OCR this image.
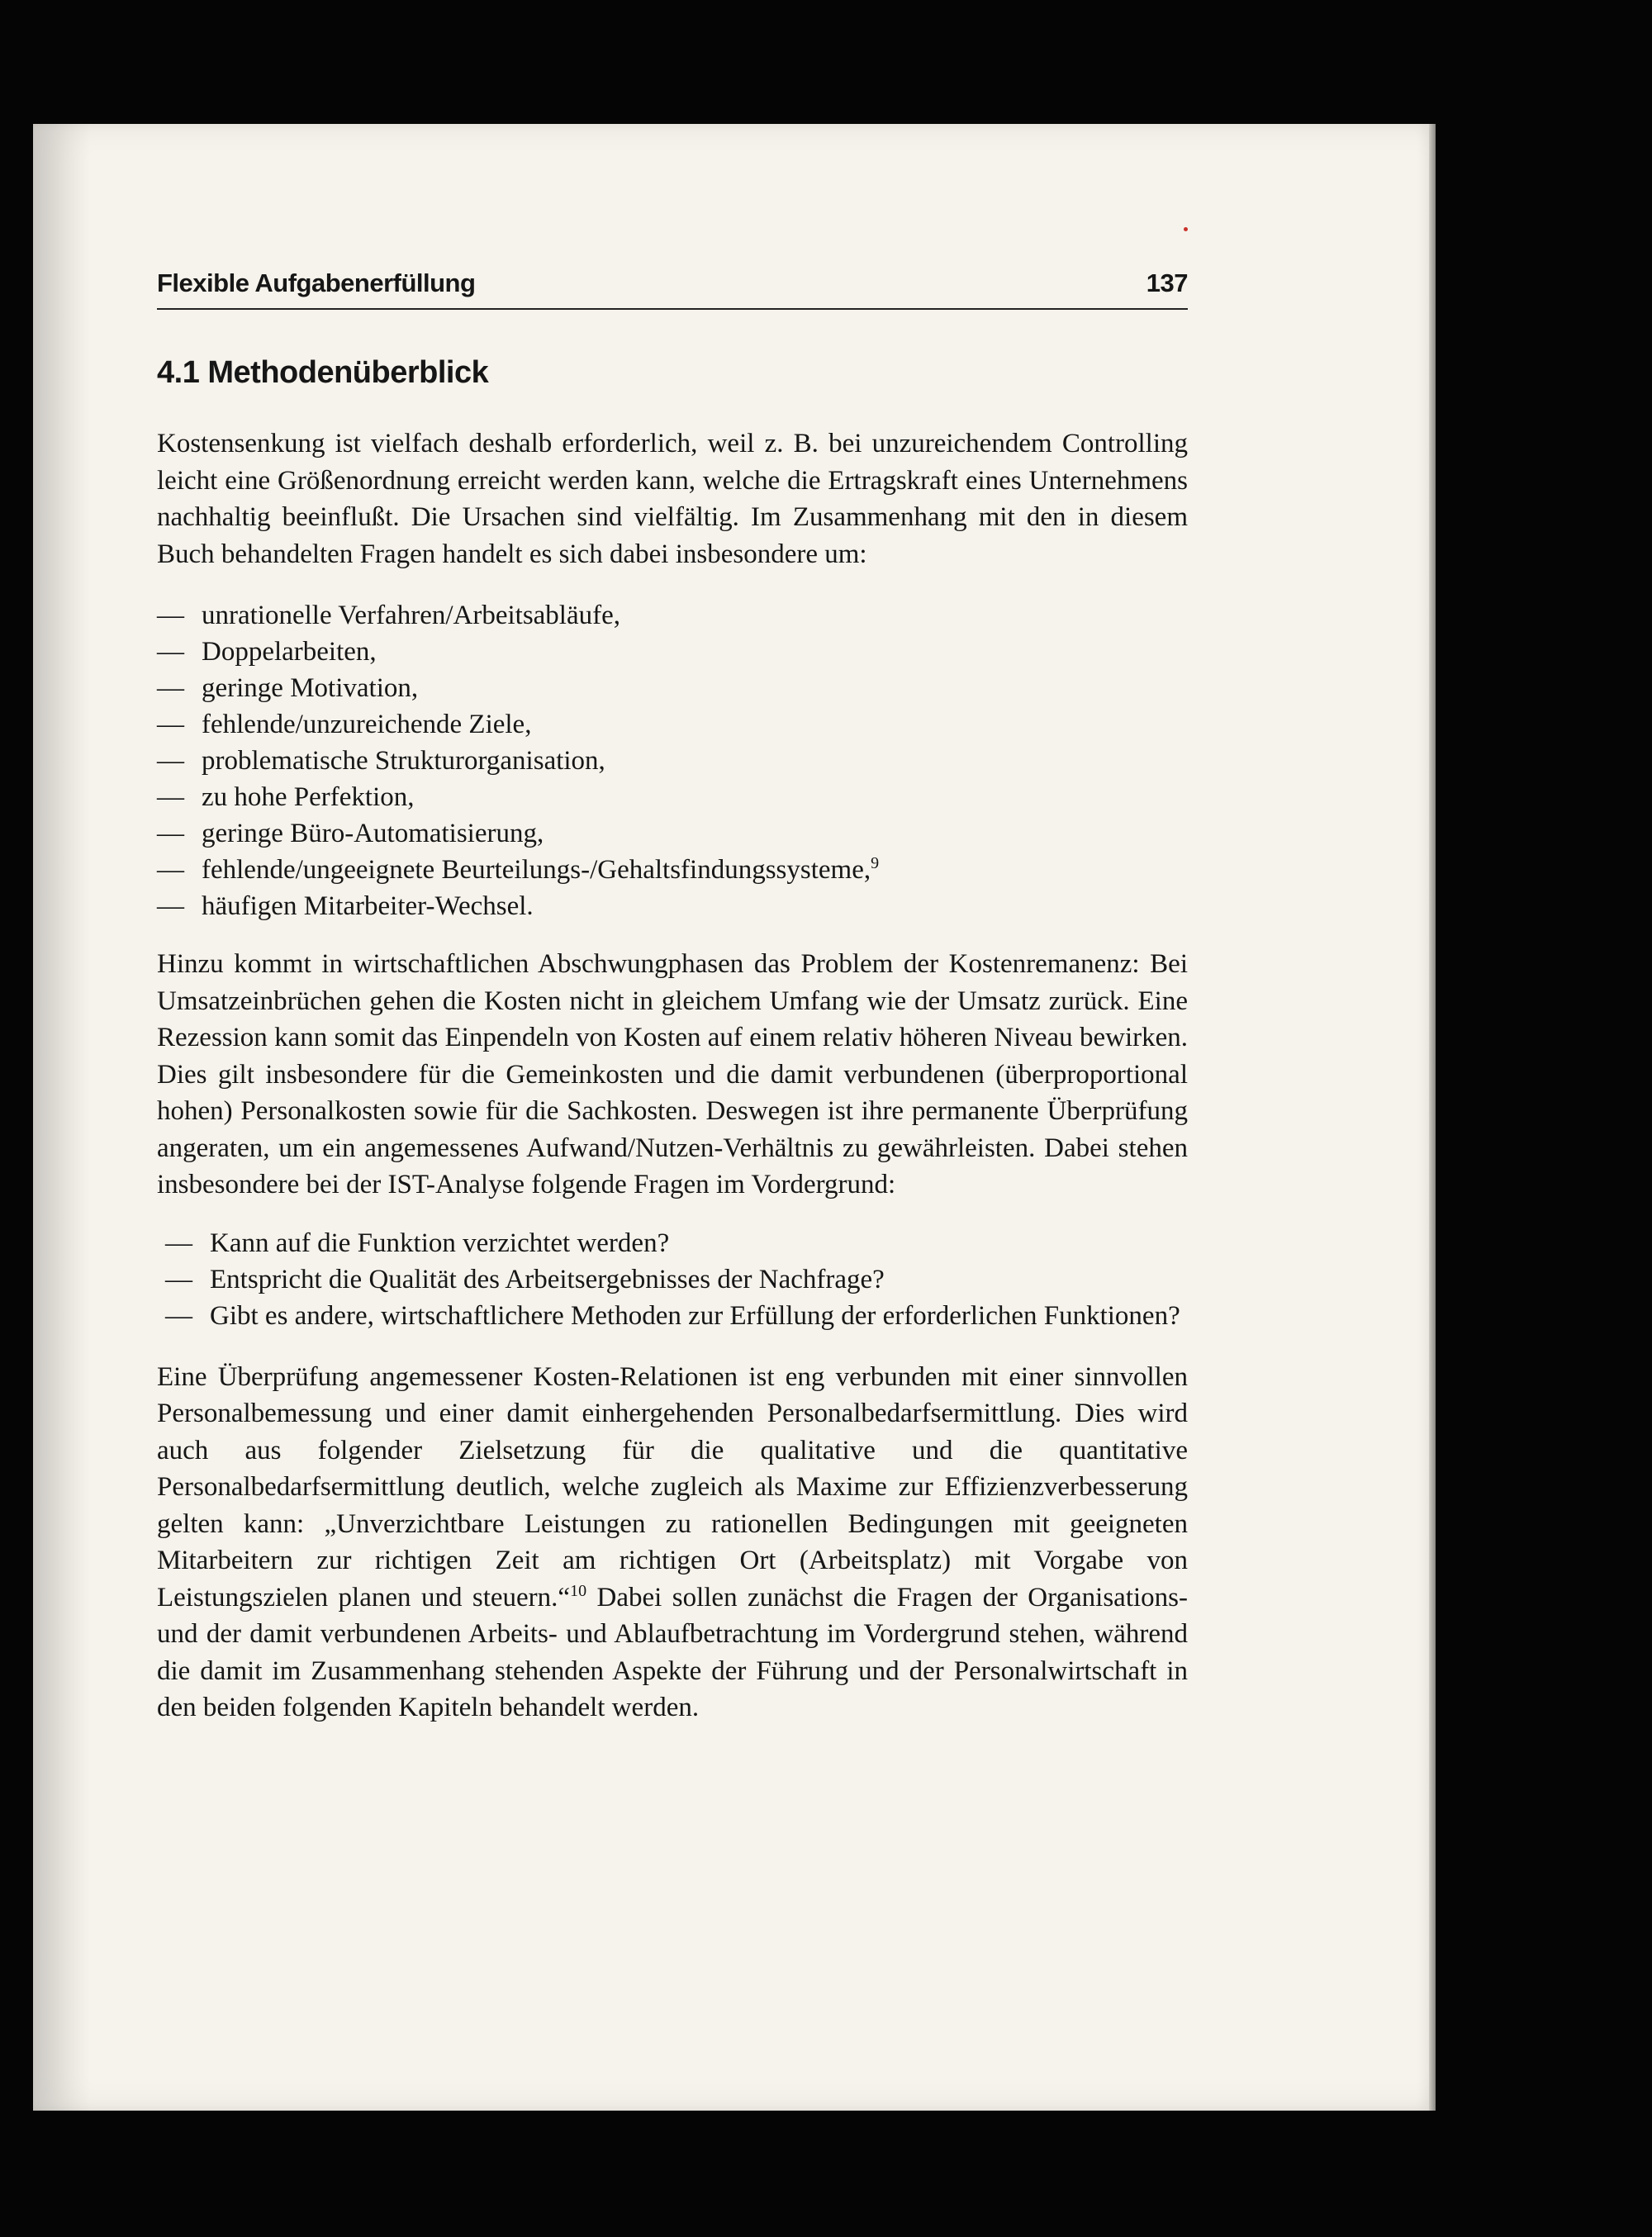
Flexible Aufgabenerfüllung	137
4.1 Methodenüberblick

Kostensenkung ist vielfach deshalb erforderlich, weil z. B. bei unzureichendem Controlling leicht eine Größenordnung erreicht werden kann, welche die Ertragskraft eines Unternehmens nachhaltig beeinflußt. Die Ursachen sind vielfältig. Im Zusammenhang mit den in diesem Buch behandelten Fragen handelt es sich dabei insbesondere um:

— unrationelle Verfahren/Arbeitsabläufe,
— Doppelarbeiten,
— geringe Motivation,
— fehlende/unzureichende Ziele,
— problematische Strukturorganisation,
— zu hohe Perfektion,
— geringe Büro-Automatisierung,
— fehlende/ungeeignete Beurteilungs-/Gehaltsfindungssysteme,$^9$
— häufigen Mitarbeiter-Wechsel.

Hinzu kommt in wirtschaftlichen Abschwungphasen das Problem der Kostenremanenz: Bei Umsatzeinbrüchen gehen die Kosten nicht in gleichem Umfang wie der Umsatz zurück. Eine Rezession kann somit das Einpendeln von Kosten auf einem relativ höheren Niveau bewirken. Dies gilt insbesondere für die Gemeinkosten und die damit verbundenen (überproportional hohen) Personalkosten sowie für die Sachkosten. Deswegen ist ihre permanente Überprüfung angeraten, um ein angemessenes Aufwand/Nutzen-Verhältnis zu gewährleisten. Dabei stehen insbesondere bei der IST-Analyse folgende Fragen im Vordergrund:

— Kann auf die Funktion verzichtet werden?
— Entspricht die Qualität des Arbeitsergebnisses der Nachfrage?
— Gibt es andere, wirtschaftlichere Methoden zur Erfüllung der erforderlichen Funktionen?

Eine Überprüfung angemessener Kosten-Relationen ist eng verbunden mit einer sinnvollen Personalbemessung und einer damit einhergehenden Personalbedarfsermittlung. Dies wird auch aus folgender Zielsetzung für die qualitative und die quantitative Personalbedarfsermittlung deutlich, welche zugleich als Maxime zur Effizienzverbesserung gelten kann: „Unverzichtbare Leistungen zu rationellen Bedingungen mit geeigneten Mitarbeitern zur richtigen Zeit am richtigen Ort (Arbeitsplatz) mit Vorgabe von Leistungszielen planen und steuern.“$^{10}$ Dabei sollen zunächst die Fragen der Organisations- und der damit verbundenen Arbeits- und Ablaufbetrachtung im Vordergrund stehen, während die damit im Zusammenhang stehenden Aspekte der Führung und der Personalwirtschaft in den beiden folgenden Kapiteln behandelt werden.
